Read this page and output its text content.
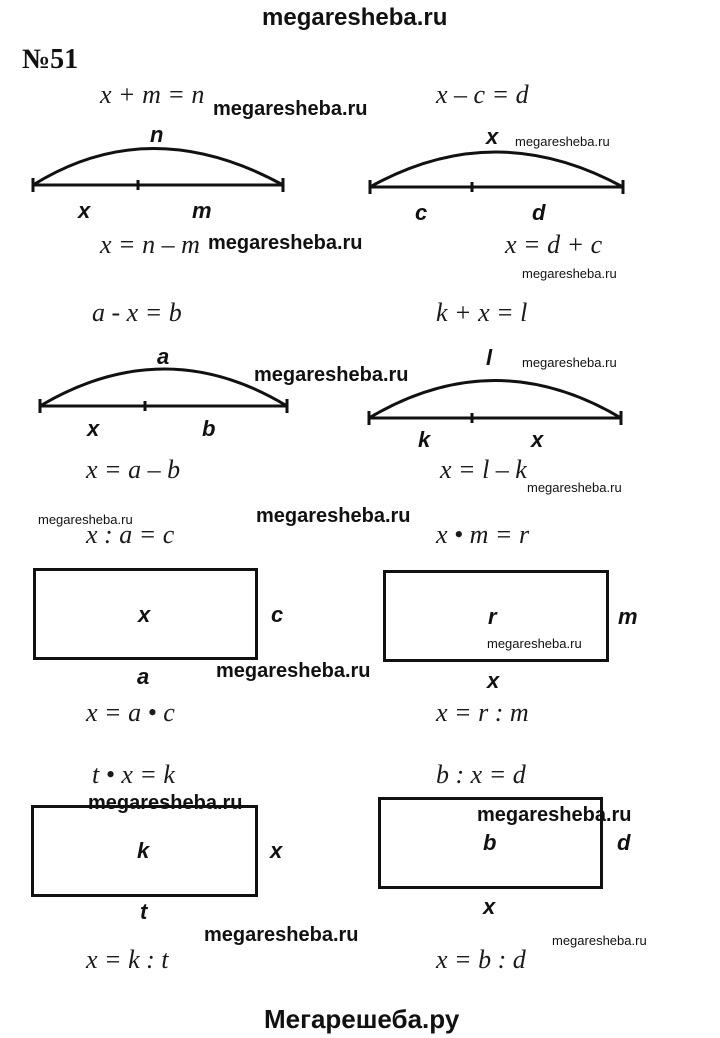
megaresheba.ru
№51
x + m = n
n
x	m
x = n – m
x – c = d
x
c	d
x = d + c
a - x = b
a
x	b
x = a – b
k + x = l
l
k	x
x = l – k
x : a = c
x	c
a
x = a • c
x • m = r
r	m
x
x = r : m
t • x = k
k	x
t
x = k : t
b : x = d
b	d
x
x = b : d
megaresheba.ru
megaresheba.ru
megaresheba.ru
megaresheba.ru
megaresheba.ru
megaresheba.ru
megaresheba.ru
megaresheba.ru	megaresheba.ru
megaresheba.ru
megaresheba.ru
megaresheba.ru
megaresheba.ru
megaresheba.ru	megaresheba.ru
Мегарешеба.ру
